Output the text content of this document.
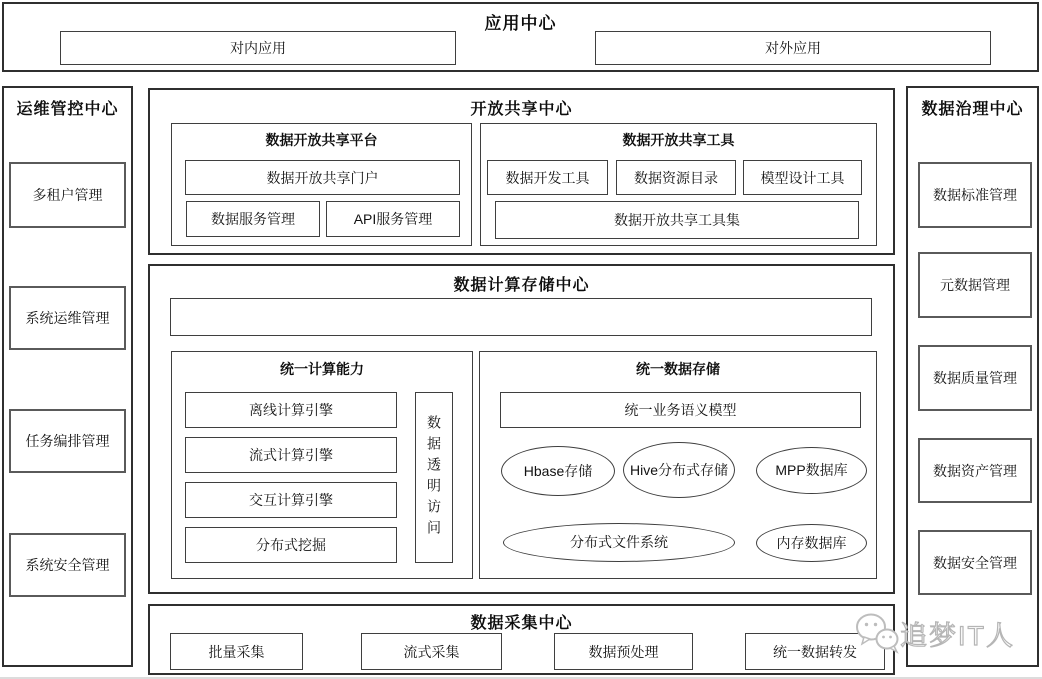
应用中心
对内应用	对外应用
运维管控中心
多租户管理
系统运维管理
任务编排管理
系统安全管理
数据治理中心
数据标准管理
元数据管理
数据质量管理
数据资产管理
数据安全管理
开放共享中心
数据开放共享平台
数据开放共享门户
数据服务管理	API服务管理
数据开放共享工具
数据开发工具	数据资源目录	模型设计工具
数据开放共享工具集
数据计算存储中心
统一计算能力
离线计算引擎
流式计算引擎
交互计算引擎
分布式挖掘
数据透明访问
统一数据存储
统一业务语义模型
Hbase存储	Hive分布式存储	MPP数据库
分布式文件系统	内存数据库
数据采集中心
批量采集	流式采集	数据预处理	统一数据转发
追梦IT人
